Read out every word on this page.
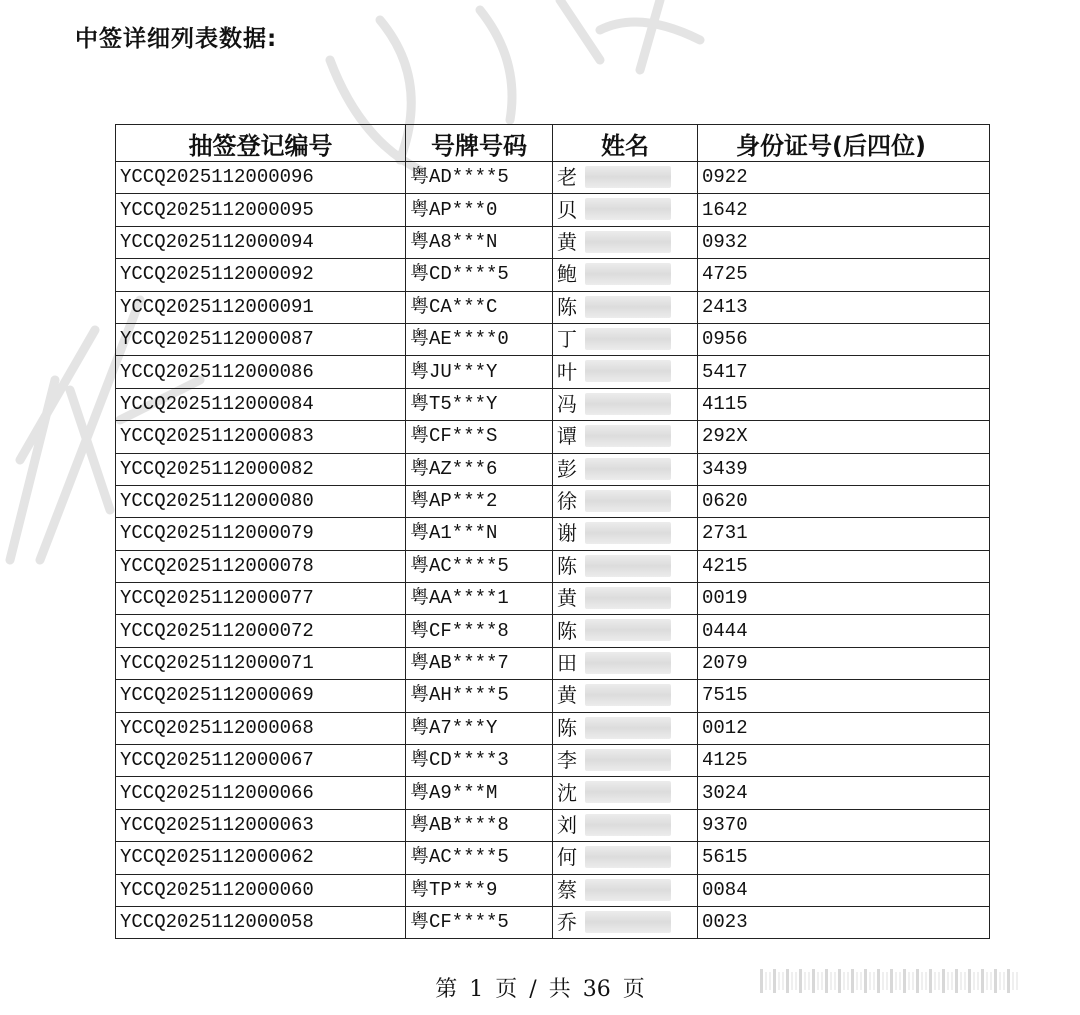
中签详细列表数据:
抽签登记编号	号牌号码	姓名	身份证号(后四位)
YCCQ2025112000096	粤AD****5	老	0922
YCCQ2025112000095	粤AP***0	贝	1642
YCCQ2025112000094	粤A8***N	黄	0932
YCCQ2025112000092	粤CD****5	鲍	4725
YCCQ2025112000091	粤CA***C	陈	2413
YCCQ2025112000087	粤AE****0	丁	0956
YCCQ2025112000086	粤JU***Y	叶	5417
YCCQ2025112000084	粤T5***Y	冯	4115
YCCQ2025112000083	粤CF***S	谭	292X
YCCQ2025112000082	粤AZ***6	彭	3439
YCCQ2025112000080	粤AP***2	徐	0620
YCCQ2025112000079	粤A1***N	谢	2731
YCCQ2025112000078	粤AC****5	陈	4215
YCCQ2025112000077	粤AA****1	黄	0019
YCCQ2025112000072	粤CF****8	陈	0444
YCCQ2025112000071	粤AB****7	田	2079
YCCQ2025112000069	粤AH****5	黄	7515
YCCQ2025112000068	粤A7***Y	陈	0012
YCCQ2025112000067	粤CD****3	李	4125
YCCQ2025112000066	粤A9***M	沈	3024
YCCQ2025112000063	粤AB****8	刘	9370
YCCQ2025112000062	粤AC****5	何	5615
YCCQ2025112000060	粤TP***9	蔡	0084
YCCQ2025112000058	粤CF****5	乔	0023
第 1 页 / 共 36 页
